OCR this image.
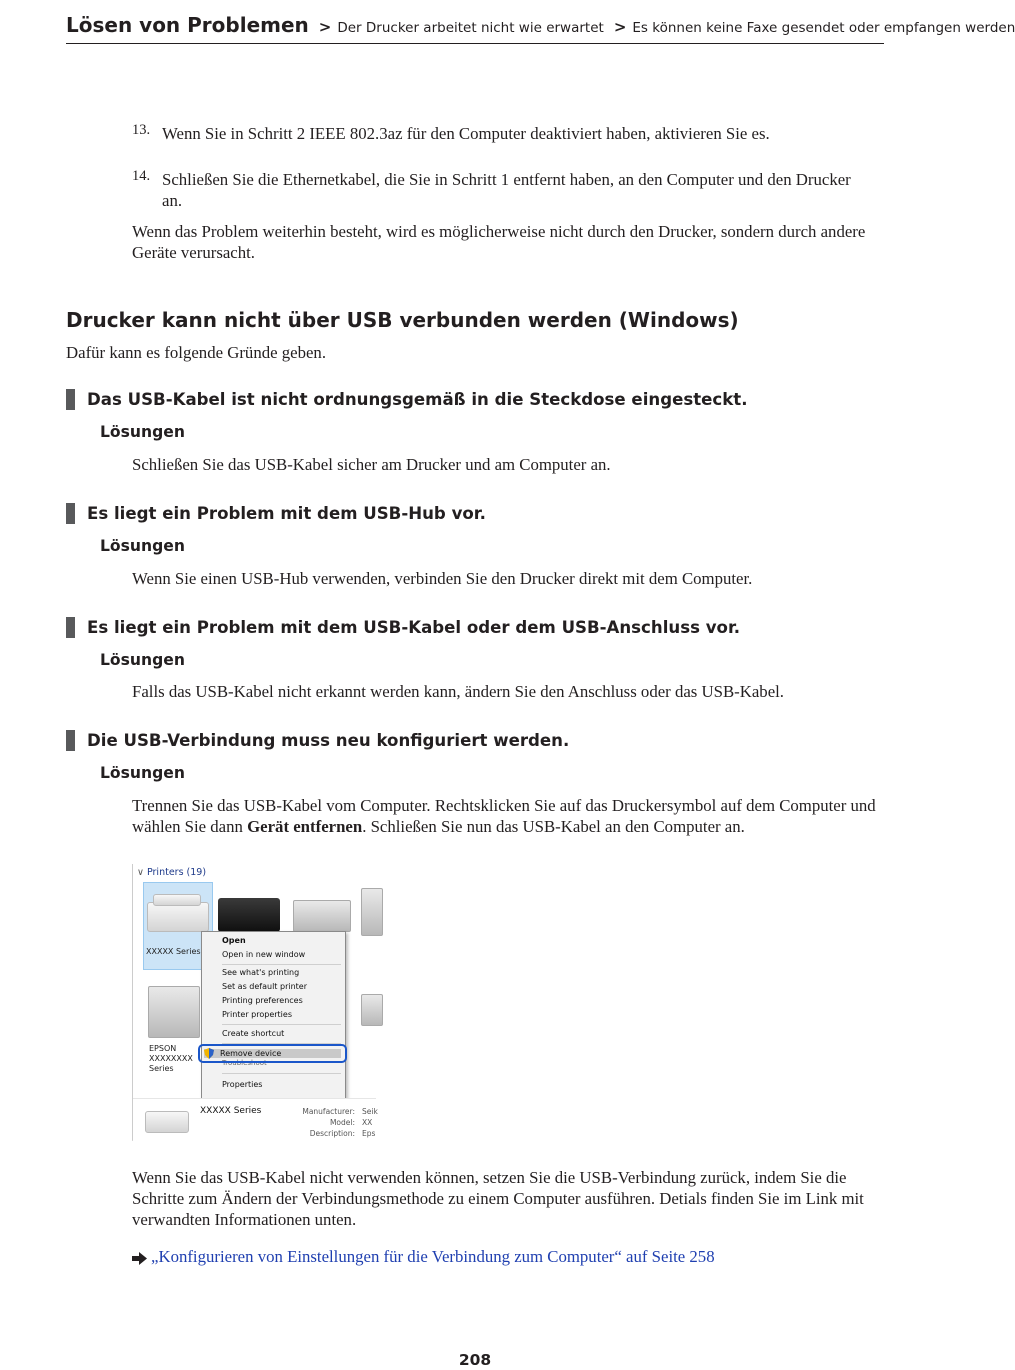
Lösen von Problemen > Der Drucker arbeitet nicht wie erwartet > Es können keine Faxe gesendet oder empfangen werden
13. Wenn Sie in Schritt 2 IEEE 802.3az für den Computer deaktiviert haben, aktivieren Sie es.
14. Schließen Sie die Ethernetkabel, die Sie in Schritt 1 entfernt haben, an den Computer und den Drucker an.
Wenn das Problem weiterhin besteht, wird es möglicherweise nicht durch den Drucker, sondern durch andere Geräte verursacht.
Drucker kann nicht über USB verbunden werden (Windows)
Dafür kann es folgende Gründe geben.
Das USB-Kabel ist nicht ordnungsgemäß in die Steckdose eingesteckt.
Lösungen
Schließen Sie das USB-Kabel sicher am Drucker und am Computer an.
Es liegt ein Problem mit dem USB-Hub vor.
Lösungen
Wenn Sie einen USB-Hub verwenden, verbinden Sie den Drucker direkt mit dem Computer.
Es liegt ein Problem mit dem USB-Kabel oder dem USB-Anschluss vor.
Lösungen
Falls das USB-Kabel nicht erkannt werden kann, ändern Sie den Anschluss oder das USB-Kabel.
Die USB-Verbindung muss neu konfiguriert werden.
Lösungen
Trennen Sie das USB-Kabel vom Computer. Rechtsklicken Sie auf das Druckersymbol auf dem Computer und wählen Sie dann Gerät entfernen. Schließen Sie nun das USB-Kabel an den Computer an.
∨ Printers (19)
XXXXX Series
EPSON
XXXXXXXX
Series
Open
Open in new window
See what's printing
Set as default printer
Printing preferences
Printer properties
Create shortcut
Troubleshoot
Properties
Remove device
XXXXX Series	Manufacturer: Seik
Model: XX
Description: Eps
Wenn Sie das USB-Kabel nicht verwenden können, setzen Sie die USB-Verbindung zurück, indem Sie die Schritte zum Ändern der Verbindungsmethode zu einem Computer ausführen. Detials finden Sie im Link mit verwandten Informationen unten.
„Konfigurieren von Einstellungen für die Verbindung zum Computer“ auf Seite 258
208
